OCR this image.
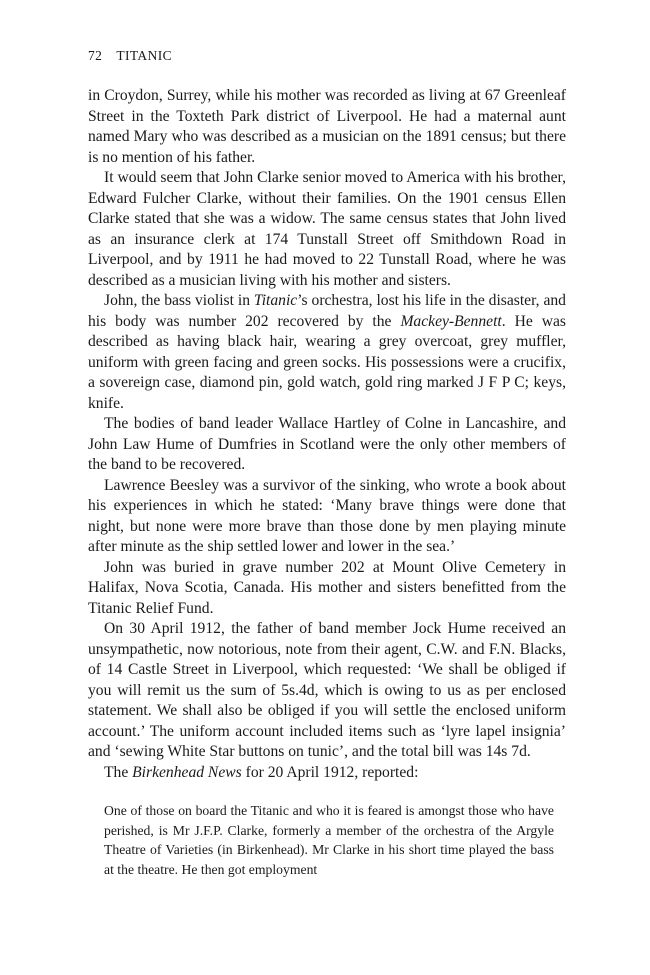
72 TITANIC

in Croydon, Surrey, while his mother was recorded as living at 67 Greenleaf Street in the Toxteth Park district of Liverpool. He had a maternal aunt named Mary who was described as a musician on the 1891 census; but there is no mention of his father.

It would seem that John Clarke senior moved to America with his brother, Edward Fulcher Clarke, without their families. On the 1901 census Ellen Clarke stated that she was a widow. The same census states that John lived as an insurance clerk at 174 Tunstall Street off Smithdown Road in Liverpool, and by 1911 he had moved to 22 Tunstall Road, where he was described as a musician living with his mother and sisters.

John, the bass violist in Titanic’s orchestra, lost his life in the disaster, and his body was number 202 recovered by the Mackey-Bennett. He was described as having black hair, wearing a grey overcoat, grey muffler, uniform with green facing and green socks. His possessions were a crucifix, a sovereign case, diamond pin, gold watch, gold ring marked J F P C; keys, knife.

The bodies of band leader Wallace Hartley of Colne in Lancashire, and John Law Hume of Dumfries in Scotland were the only other members of the band to be recovered.

Lawrence Beesley was a survivor of the sinking, who wrote a book about his experiences in which he stated: ‘Many brave things were done that night, but none were more brave than those done by men playing minute after minute as the ship settled lower and lower in the sea.’

John was buried in grave number 202 at Mount Olive Cemetery in Halifax, Nova Scotia, Canada. His mother and sisters benefitted from the Titanic Relief Fund.

On 30 April 1912, the father of band member Jock Hume received an unsympathetic, now notorious, note from their agent, C.W. and F.N. Blacks, of 14 Castle Street in Liverpool, which requested: ‘We shall be obliged if you will remit us the sum of 5s.4d, which is owing to us as per enclosed statement. We shall also be obliged if you will settle the enclosed uniform account.’ The uniform account included items such as ‘lyre lapel insignia’ and ‘sewing White Star buttons on tunic’, and the total bill was 14s 7d.

The Birkenhead News for 20 April 1912, reported:

One of those on board the Titanic and who it is feared is amongst those who have perished, is Mr J.F.P. Clarke, formerly a member of the orchestra of the Argyle Theatre of Varieties (in Birkenhead). Mr Clarke in his short time played the bass at the theatre. He then got employment
